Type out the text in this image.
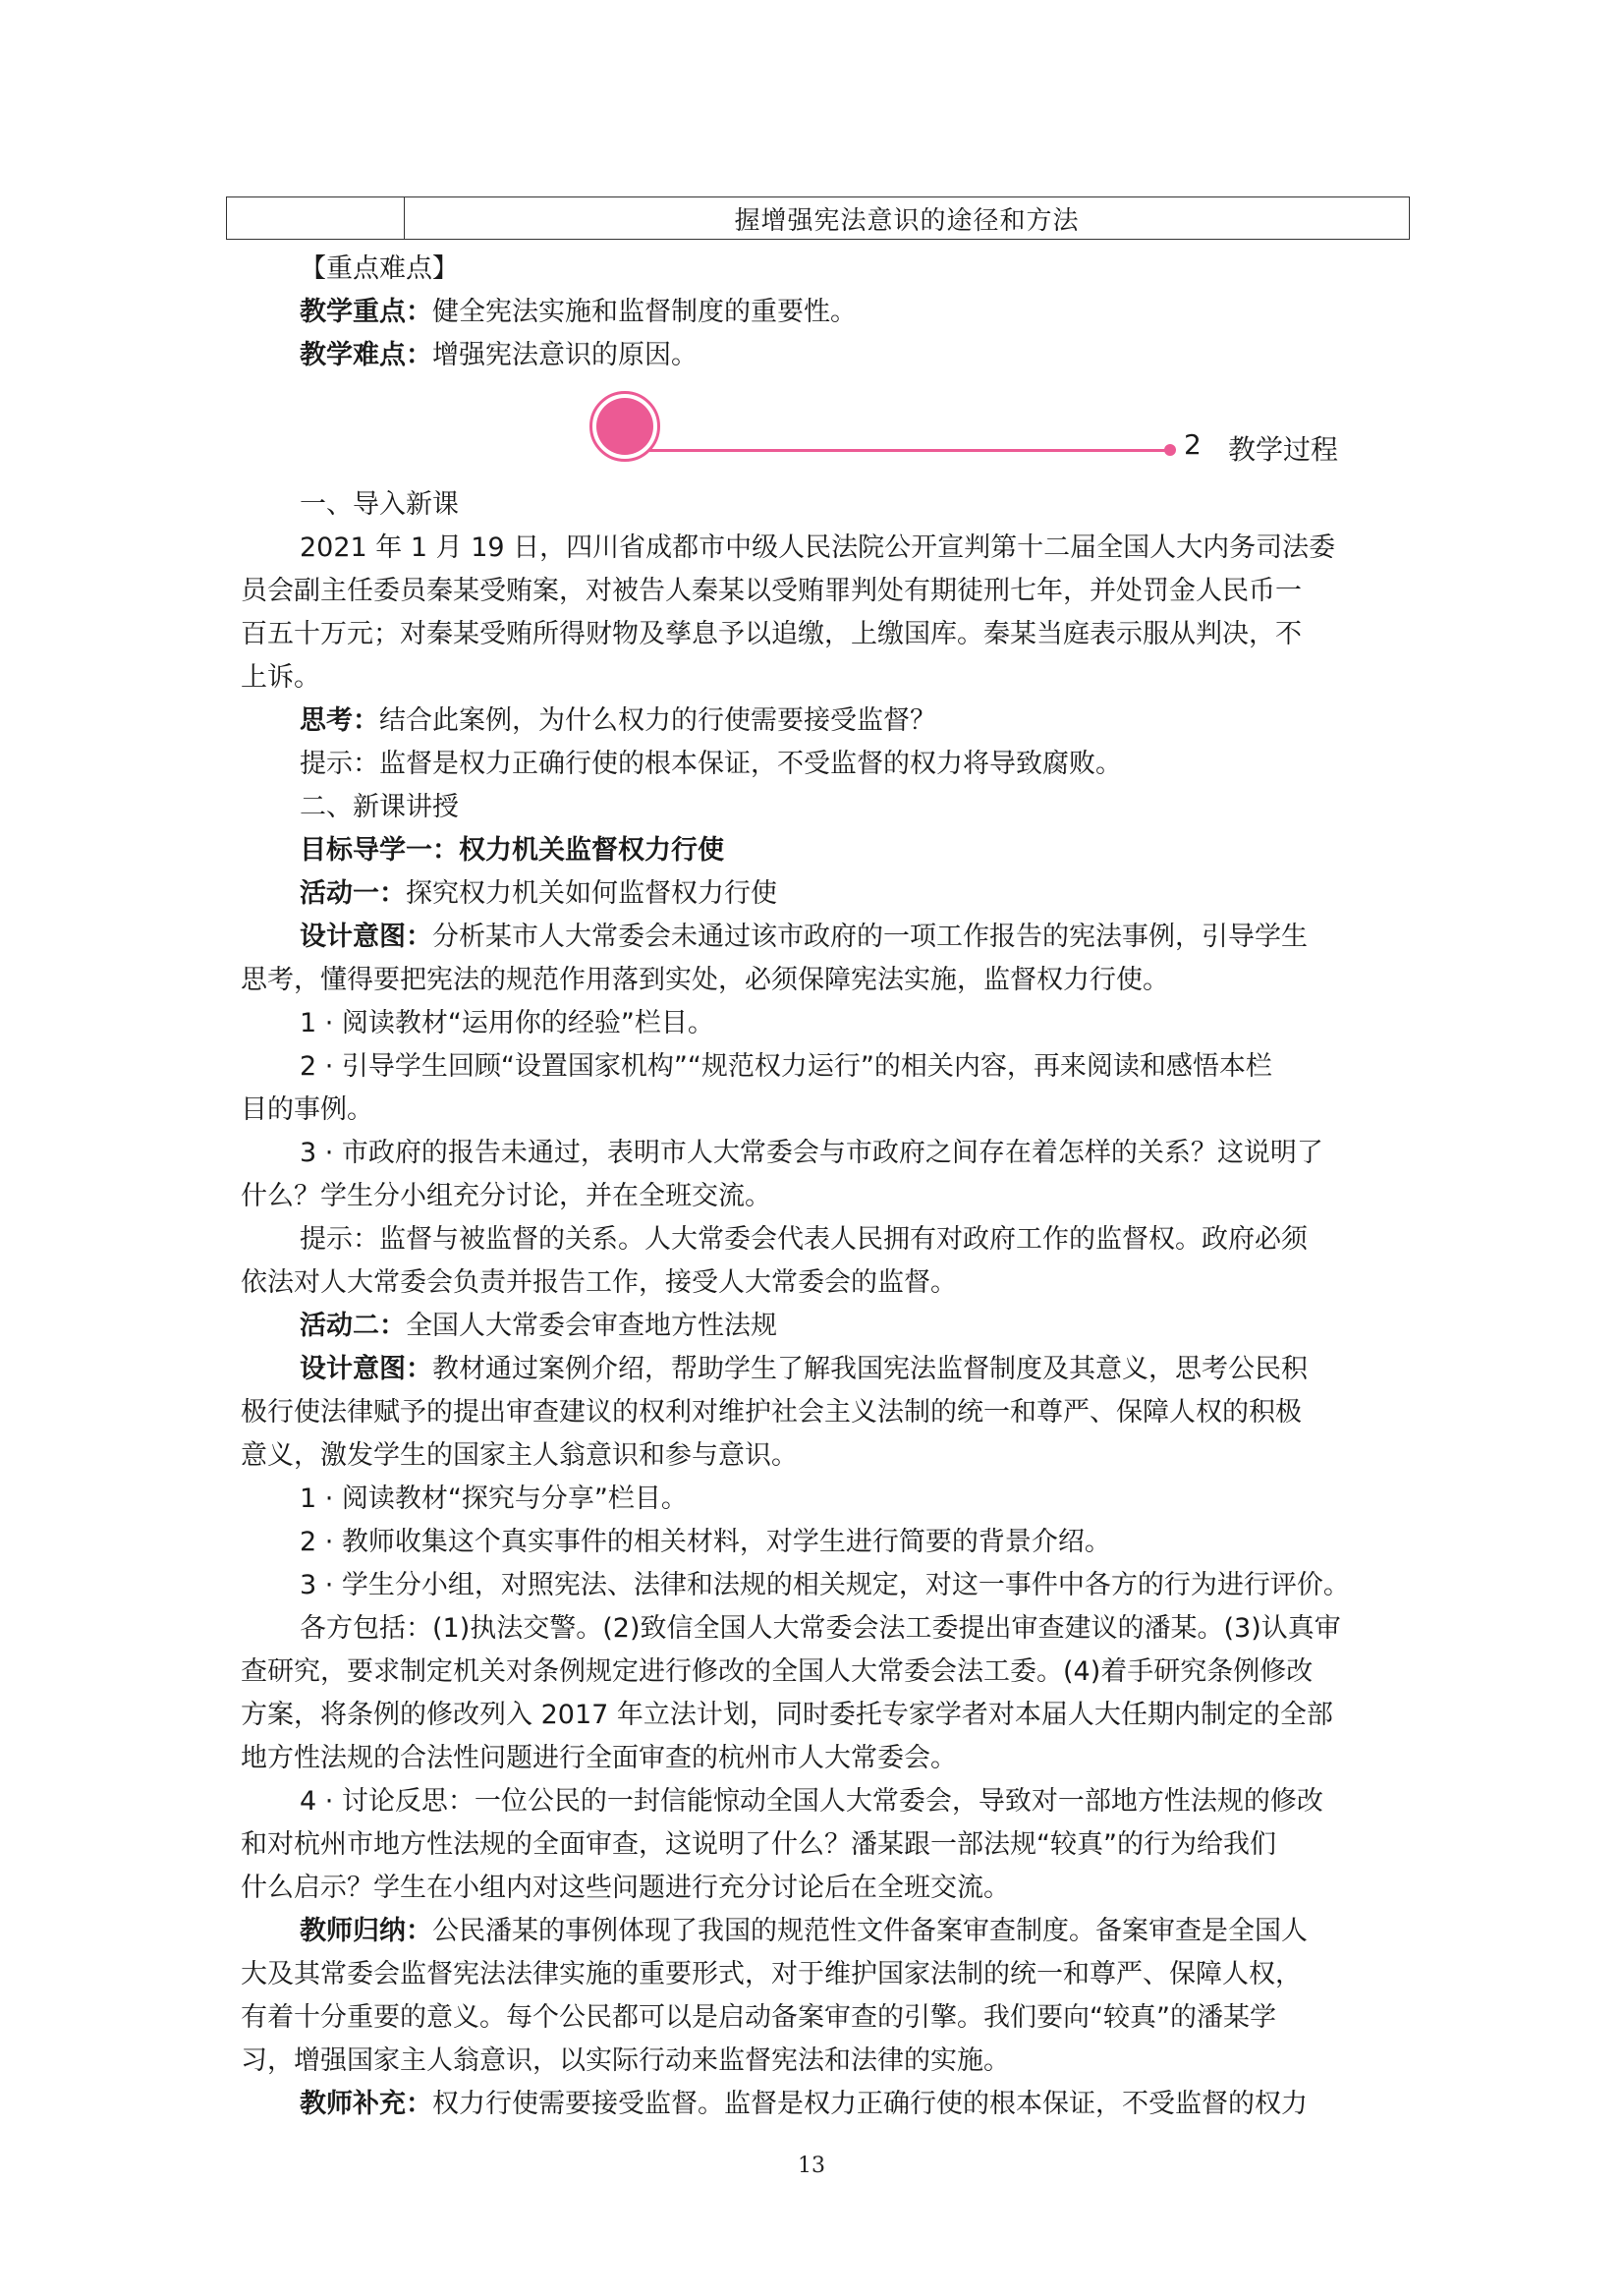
握增强宪法意识的途径和方法

【重点难点】

教学重点：健全宪法实施和监督制度的重要性。

教学难点：增强宪法意识的原因。

2 教学过程

一、导入新课

2021 年 1 月 19 日，四川省成都市中级人民法院公开宣判第十二届全国人大内务司法委

员会副主任委员秦某受贿案，对被告人秦某以受贿罪判处有期徒刑七年，并处罚金人民币一

百五十万元；对秦某受贿所得财物及孳息予以追缴，上缴国库。秦某当庭表示服从判决，不

上诉。

思考：结合此案例，为什么权力的行使需要接受监督？

提示：监督是权力正确行使的根本保证，不受监督的权力将导致腐败。

二、新课讲授

目标导学一：权力机关监督权力行使

活动一：探究权力机关如何监督权力行使

设计意图：分析某市人大常委会未通过该市政府的一项工作报告的宪法事例，引导学生

思考，懂得要把宪法的规范作用落到实处，必须保障宪法实施，监督权力行使。

1 · 阅读教材“运用你的经验”栏目。

2 · 引导学生回顾“设置国家机构”“规范权力运行”的相关内容，再来阅读和感悟本栏

目的事例。

3 · 市政府的报告未通过，表明市人大常委会与市政府之间存在着怎样的关系？这说明了

什么？学生分小组充分讨论，并在全班交流。

提示：监督与被监督的关系。人大常委会代表人民拥有对政府工作的监督权。政府必须

依法对人大常委会负责并报告工作，接受人大常委会的监督。

活动二：全国人大常委会审查地方性法规

设计意图：教材通过案例介绍，帮助学生了解我国宪法监督制度及其意义，思考公民积

极行使法律赋予的提出审查建议的权利对维护社会主义法制的统一和尊严、保障人权的积极

意义，激发学生的国家主人翁意识和参与意识。

1 · 阅读教材“探究与分享”栏目。

2 · 教师收集这个真实事件的相关材料，对学生进行简要的背景介绍。

3 · 学生分小组，对照宪法、法律和法规的相关规定，对这一事件中各方的行为进行评价。

各方包括：(1)执法交警。(2)致信全国人大常委会法工委提出审查建议的潘某。(3)认真审

查研究，要求制定机关对条例规定进行修改的全国人大常委会法工委。(4)着手研究条例修改

方案，将条例的修改列入 2017 年立法计划，同时委托专家学者对本届人大任期内制定的全部

地方性法规的合法性问题进行全面审查的杭州市人大常委会。

4 · 讨论反思：一位公民的一封信能惊动全国人大常委会，导致对一部地方性法规的修改

和对杭州市地方性法规的全面审查，这说明了什么？潘某跟一部法规“较真”的行为给我们

什么启示？学生在小组内对这些问题进行充分讨论后在全班交流。

教师归纳：公民潘某的事例体现了我国的规范性文件备案审查制度。备案审查是全国人

大及其常委会监督宪法法律实施的重要形式，对于维护国家法制的统一和尊严、保障人权，

有着十分重要的意义。每个公民都可以是启动备案审查的引擎。我们要向“较真”的潘某学

习，增强国家主人翁意识，以实际行动来监督宪法和法律的实施。

教师补充：权力行使需要接受监督。监督是权力正确行使的根本保证，不受监督的权力

13
